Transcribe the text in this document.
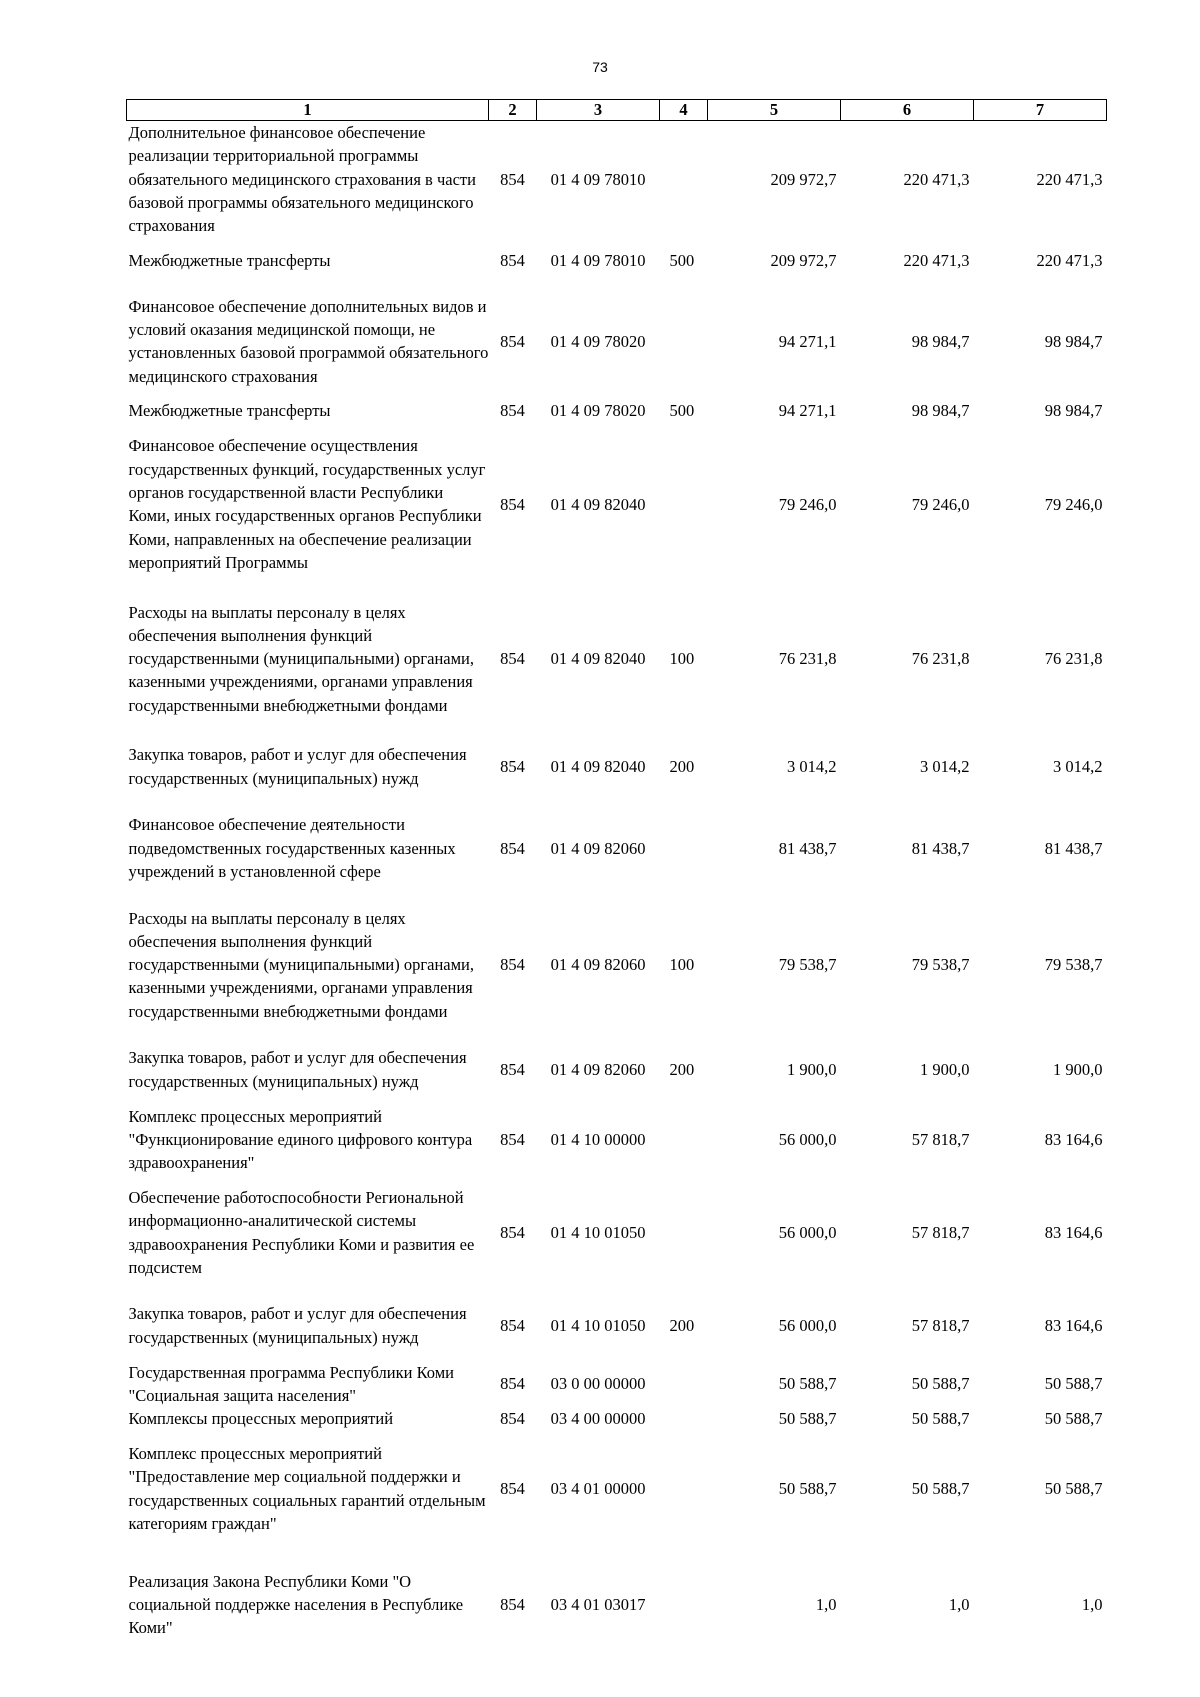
73
1	2	3	4	5	6	7
Дополнительное финансовое обеспечение реализации территориальной программы обязательного медицинского страхования в части базовой программы обязательного медицинского страхования	854	01 4 09 78010		209 972,7	220 471,3	220 471,3
Межбюджетные трансферты	854	01 4 09 78010	500	209 972,7	220 471,3	220 471,3
Финансовое обеспечение дополнительных видов и условий оказания медицинской помощи, не установленных базовой программой обязательного медицинского страхования	854	01 4 09 78020		94 271,1	98 984,7	98 984,7
Межбюджетные трансферты	854	01 4 09 78020	500	94 271,1	98 984,7	98 984,7
Финансовое обеспечение осуществления государственных функций, государственных услуг органов государственной власти Республики Коми, иных государственных органов Республики Коми, направленных на обеспечение реализации мероприятий Программы	854	01 4 09 82040		79 246,0	79 246,0	79 246,0
Расходы на выплаты персоналу в целях обеспечения выполнения функций государственными (муниципальными) органами, казенными учреждениями, органами управления государственными внебюджетными фондами	854	01 4 09 82040	100	76 231,8	76 231,8	76 231,8
Закупка товаров, работ и услуг для обеспечения государственных (муниципальных) нужд	854	01 4 09 82040	200	3 014,2	3 014,2	3 014,2
Финансовое обеспечение деятельности подведомственных государственных казенных учреждений в установленной сфере	854	01 4 09 82060		81 438,7	81 438,7	81 438,7
Расходы на выплаты персоналу в целях обеспечения выполнения функций государственными (муниципальными) органами, казенными учреждениями, органами управления государственными внебюджетными фондами	854	01 4 09 82060	100	79 538,7	79 538,7	79 538,7
Закупка товаров, работ и услуг для обеспечения государственных (муниципальных) нужд	854	01 4 09 82060	200	1 900,0	1 900,0	1 900,0
Комплекс процессных мероприятий "Функционирование единого цифрового контура здравоохранения"	854	01 4 10 00000		56 000,0	57 818,7	83 164,6
Обеспечение работоспособности Региональной информационно-аналитической системы здравоохранения Республики Коми и развития ее подсистем	854	01 4 10 01050		56 000,0	57 818,7	83 164,6
Закупка товаров, работ и услуг для обеспечения государственных (муниципальных) нужд	854	01 4 10 01050	200	56 000,0	57 818,7	83 164,6
Государственная программа Республики Коми "Социальная защита населения"	854	03 0 00 00000		50 588,7	50 588,7	50 588,7
Комплексы процессных мероприятий	854	03 4 00 00000		50 588,7	50 588,7	50 588,7
Комплекс процессных мероприятий "Предоставление мер социальной поддержки и государственных социальных гарантий отдельным категориям граждан"	854	03 4 01 00000		50 588,7	50 588,7	50 588,7
Реализация Закона Республики Коми "О социальной поддержке населения в Республике Коми"	854	03 4 01 03017		1,0	1,0	1,0
